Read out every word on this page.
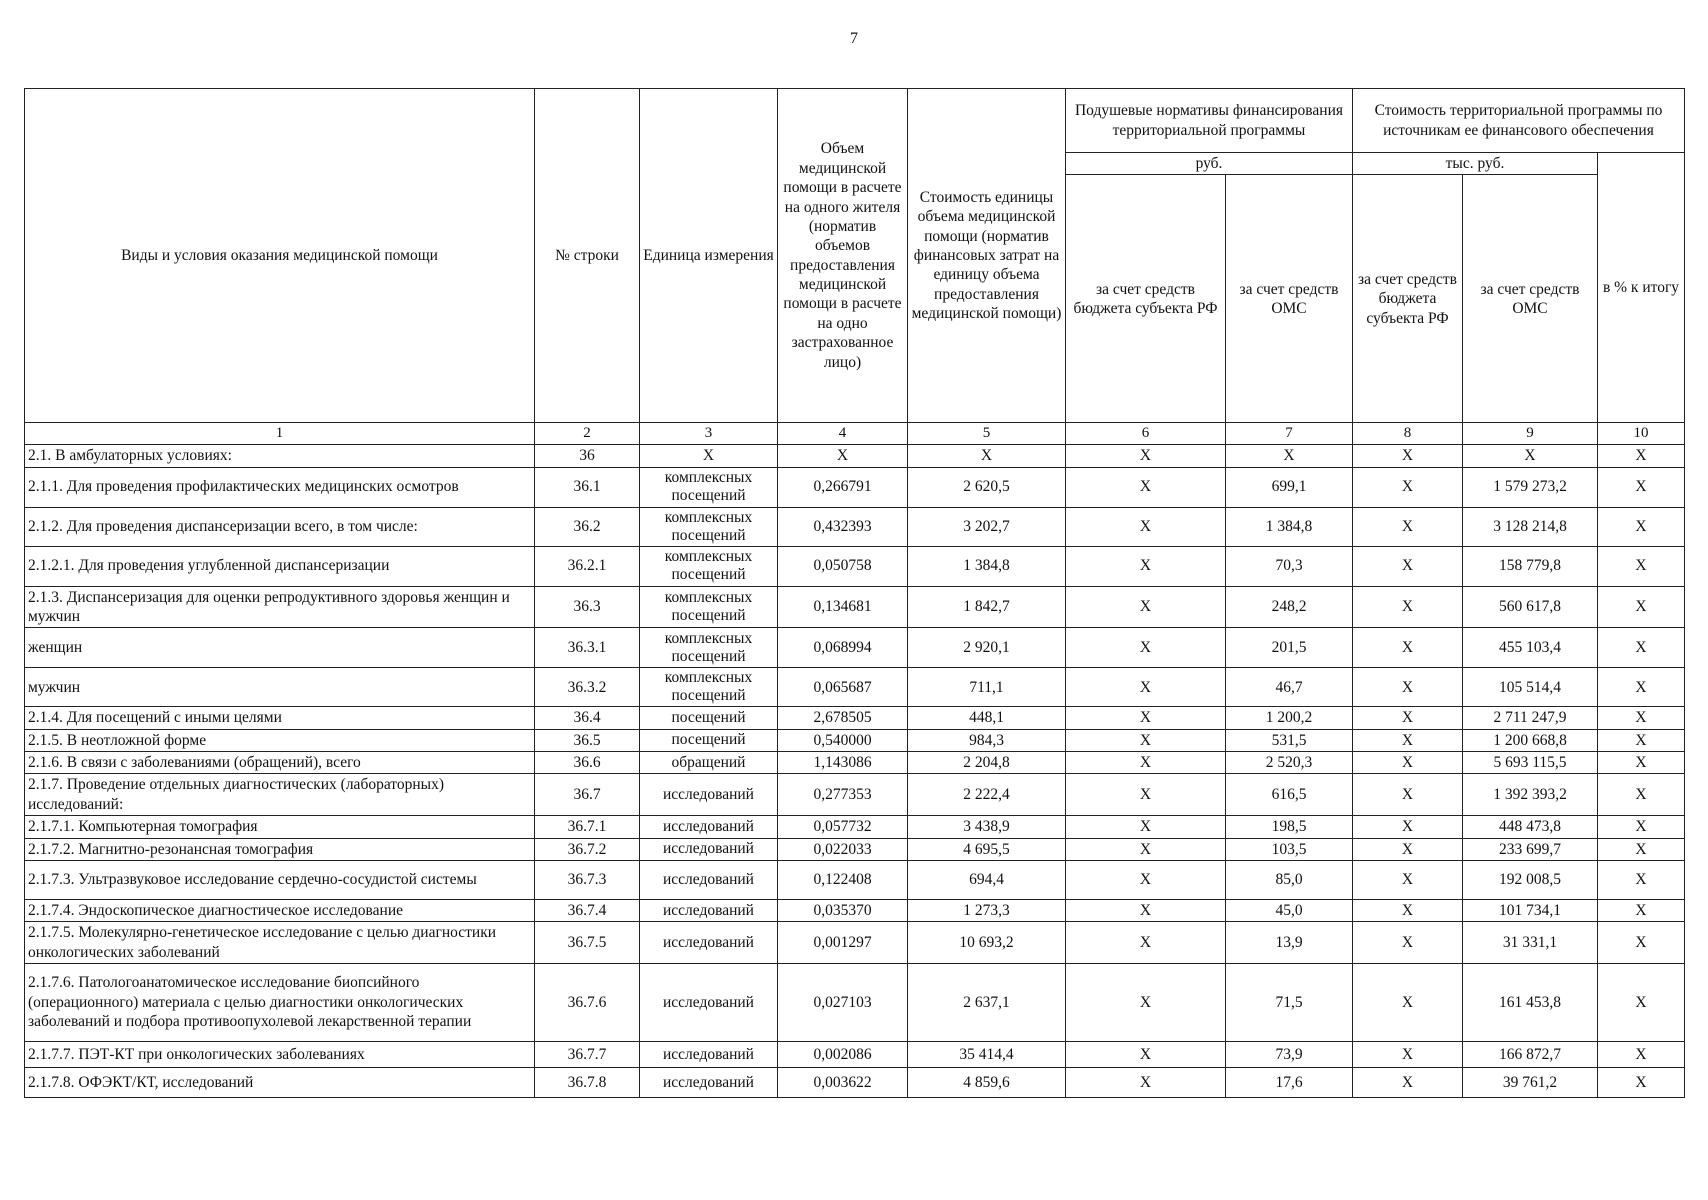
7
Виды и условия оказания медицинской помощи	№ строки	Единица измерения	Объем медицинской помощи в расчете на одного жителя (норматив объемов предоставления медицинской помощи в расчете на одно застрахованное лицо)	Стоимость единицы объема медицинской помощи (норматив финансовых затрат на единицу объема предоставления медицинской помощи)	Подушевые нормативы финансирования территориальной программы		Стоимость территориальной программы по источникам ее финансового обеспечения		
					руб.		тыс. руб.		в % к итогу
					за счет средств бюджета субъекта РФ	за счет средств ОМС	за счет средств бюджета субъекта РФ	за счет средств ОМС	
1	2	3	4	5	6	7	8	9	10
2.1. В амбулаторных условиях:	36	Х	Х	Х	Х	Х	Х	Х	Х
2.1.1. Для проведения профилактических медицинских осмотров	36.1	комплексных посещений	0,266791	2 620,5	Х	699,1	Х	1 579 273,2	Х
2.1.2. Для проведения диспансеризации всего, в том числе:	36.2	комплексных посещений	0,432393	3 202,7	Х	1 384,8	Х	3 128 214,8	Х
2.1.2.1. Для проведения углубленной диспансеризации	36.2.1	комплексных посещений	0,050758	1 384,8	Х	70,3	Х	158 779,8	Х
2.1.3. Диспансеризация для оценки репродуктивного здоровья женщин и мужчин	36.3	комплексных посещений	0,134681	1 842,7	Х	248,2	Х	560 617,8	Х
женщин	36.3.1	комплексных посещений	0,068994	2 920,1	Х	201,5	Х	455 103,4	Х
мужчин	36.3.2	комплексных посещений	0,065687	711,1	Х	46,7	Х	105 514,4	Х
2.1.4. Для посещений с иными целями	36.4	посещений	2,678505	448,1	Х	1 200,2	Х	2 711 247,9	Х
2.1.5. В неотложной форме	36.5	посещений	0,540000	984,3	Х	531,5	Х	1 200 668,8	Х
2.1.6. В связи с заболеваниями (обращений), всего	36.6	обращений	1,143086	2 204,8	Х	2 520,3	Х	5 693 115,5	Х
2.1.7. Проведение отдельных диагностических (лабораторных) исследований:	36.7	исследований	0,277353	2 222,4	Х	616,5	Х	1 392 393,2	Х
2.1.7.1. Компьютерная томография	36.7.1	исследований	0,057732	3 438,9	Х	198,5	Х	448 473,8	Х
2.1.7.2. Магнитно-резонансная томография	36.7.2	исследований	0,022033	4 695,5	Х	103,5	Х	233 699,7	Х
2.1.7.3. Ультразвуковое исследование сердечно-сосудистой системы	36.7.3	исследований	0,122408	694,4	Х	85,0	Х	192 008,5	Х
2.1.7.4. Эндоскопическое диагностическое исследование	36.7.4	исследований	0,035370	1 273,3	Х	45,0	Х	101 734,1	Х
2.1.7.5. Молекулярно-генетическое исследование с целью диагностики онкологических заболеваний	36.7.5	исследований	0,001297	10 693,2	Х	13,9	Х	31 331,1	Х
2.1.7.6. Патологоанатомическое исследование биопсийного (операционного) материала с целью диагностики онкологических заболеваний и подбора противоопухолевой лекарственной терапии	36.7.6	исследований	0,027103	2 637,1	Х	71,5	Х	161 453,8	Х
2.1.7.7. ПЭТ-КТ при онкологических заболеваниях	36.7.7	исследований	0,002086	35 414,4	Х	73,9	Х	166 872,7	Х
2.1.7.8. ОФЭКТ/КТ, исследований	36.7.8	исследований	0,003622	4 859,6	Х	17,6	Х	39 761,2	Х
